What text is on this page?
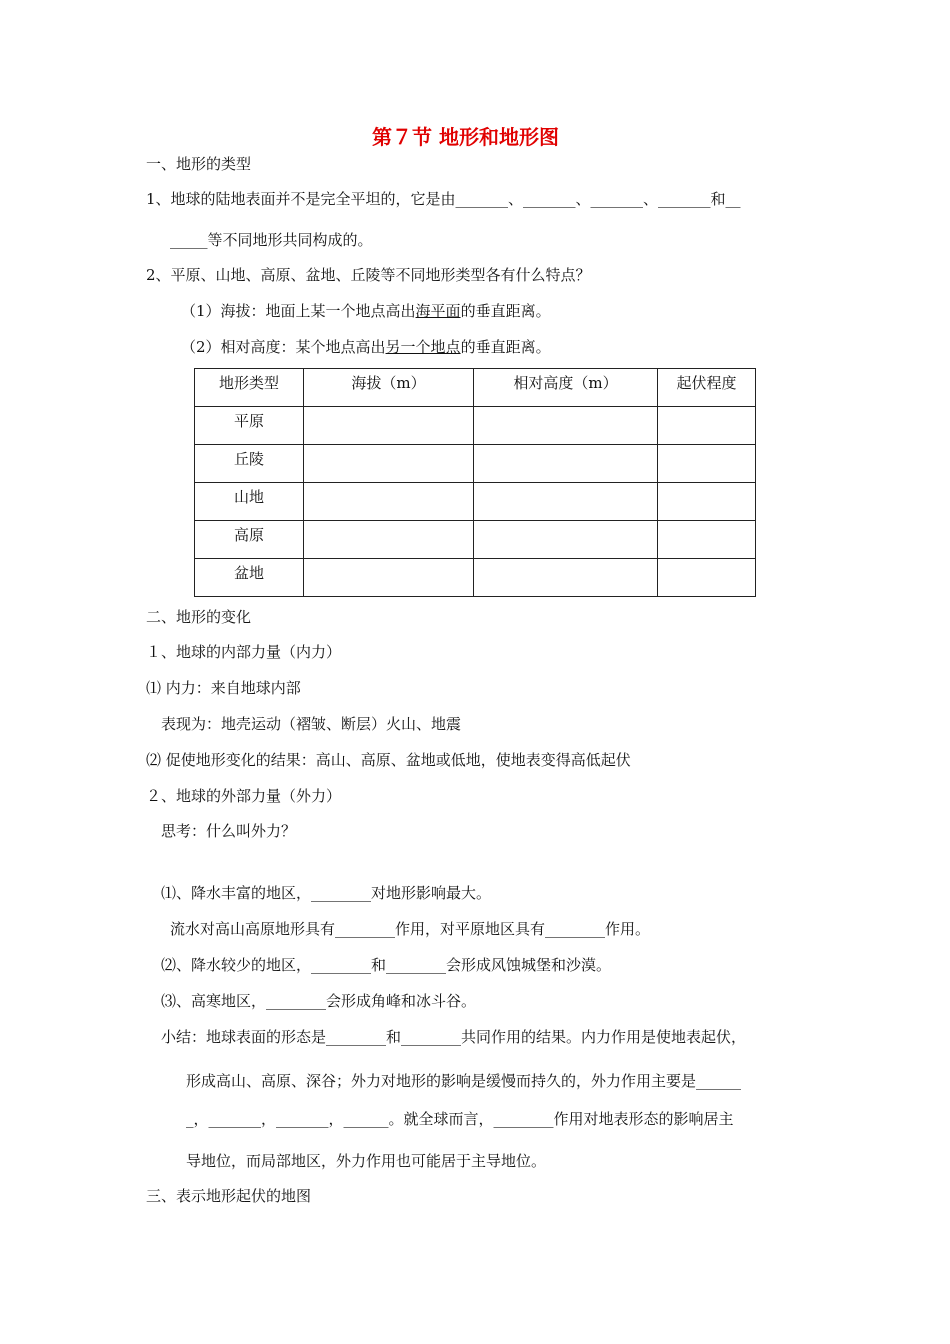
第７节 地形和地形图
一、地形的类型
1、地球的陆地表面并不是完全平坦的，它是由_______、_______、_______、_______和__
_____等不同地形共同构成的。
2、平原、山地、高原、盆地、丘陵等不同地形类型各有什么特点？
（1）海拔：地面上某一个地点高出海平面的垂直距离。
（2）相对高度：某个地点高出另一个地点的垂直距离。
地形类型	海拔（m）	相对高度（m）	起伏程度
平原			
丘陵			
山地			
高原			
盆地			
二、地形的变化
１、地球的内部力量（内力）
⑴ 内力：来自地球内部
表现为：地壳运动（褶皱、断层）火山、地震
⑵ 促使地形变化的结果：高山、高原、盆地或低地，使地表变得高低起伏
２、地球的外部力量（外力）
思考：什么叫外力？
⑴、降水丰富的地区，________对地形影响最大。
流水对高山高原地形具有________作用，对平原地区具有________作用。
⑵、降水较少的地区，________和________会形成风蚀城堡和沙漠。
⑶、高寒地区，________会形成角峰和冰斗谷。
小结：地球表面的形态是________和________共同作用的结果。内力作用是使地表起伏，
形成高山、高原、深谷；外力对地形的影响是缓慢而持久的，外力作用主要是______
_，_______，_______，______。就全球而言，________作用对地表形态的影响居主
导地位，而局部地区，外力作用也可能居于主导地位。
三、表示地形起伏的地图
